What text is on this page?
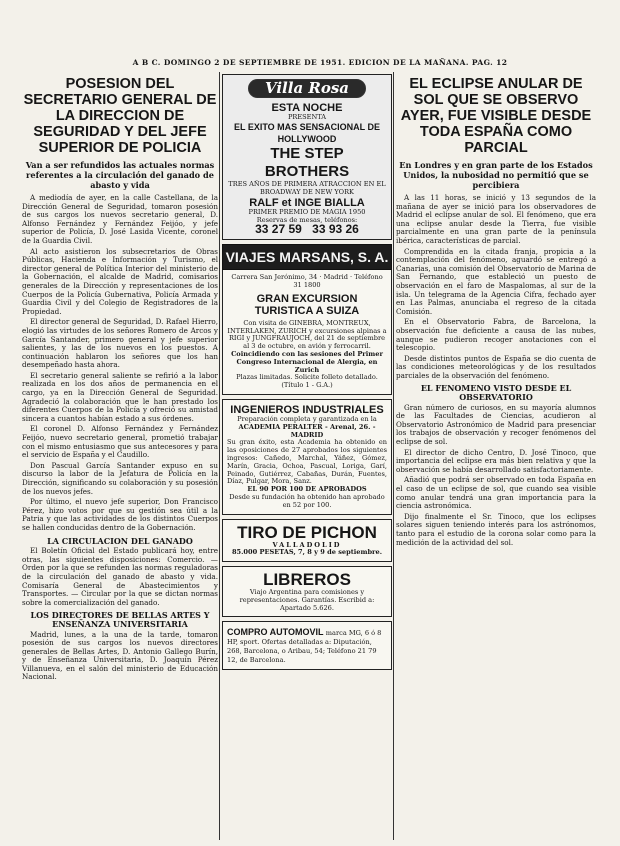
A B C. DOMINGO 2 DE SEPTIEMBRE DE 1951. EDICION DE LA MAÑANA. PAG. 12
POSESION DEL SECRETARIO GENERAL DE LA DIRECCION DE SEGURIDAD Y DEL JEFE SUPERIOR DE POLICIA
Van a ser refundidos las actuales normas referentes a la circulación del ganado de abasto y vida

A mediodía de ayer, en la calle Castellana, de la Dirección General de Seguridad, tomaron posesión de sus cargos los nuevos secretario general, D. Alfonso Fernández y Fernández Feijóo, y jefe superior de Policía, D. José Lasida Vicente, coronel de la Guardia Civil.

Al acto asistieron los subsecretarios de Obras Públicas, Hacienda e Información y Turismo, el director general de Política Interior del ministerio de la Gobernación, el alcalde de Madrid, comisarios generales de la Dirección y representaciones de los Cuerpos de la Policía Gubernativa, Policía Armada y Guardia Civil y del Colegio de Registradores de la Propiedad.

El director general de Seguridad, D. Rafael Hierro, elogió las virtudes de los señores Romero de Arcos y García Santander, primero general y jefe superior salientes, y las de los nuevos en los puestos. A continuación hablaron los señores que los han desempeñado hasta ahora.

El secretario general saliente se refirió a la labor realizada en los dos años de permanencia en el cargo, ya en la Dirección General de Seguridad. Agradeció la colaboración que le han prestado los diferentes Cuerpos de la Policía y ofreció su amistad sincera a cuantos habían estado a sus órdenes.

El coronel D. Alfonso Fernández y Fernández Feijóo, nuevo secretario general, prometió trabajar con el mismo entusiasmo que sus antecesores y para el servicio de España y el Caudillo.

Don Pascual García Santander expuso en su discurso la labor de la Jefatura de Policía en la Dirección, significando su colaboración y su posesión de los nuevos jefes.

Por último, el nuevo jefe superior, Don Francisco Pérez, hizo votos por que su gestión sea útil a la Patria y que las actividades de los distintos Cuerpos se hallen conducidas dentro de la Gobernación.

LA CIRCULACION DEL GANADO

El Boletín Oficial del Estado publicará hoy, entre otras, las siguientes disposiciones: Comercio. — Orden por la que se refunden las normas reguladoras de la circulación del ganado de abasto y vida. Comisaría General de Abastecimientos y Transportes. — Circular por la que se dictan normas sobre la comercialización del ganado.

LOS DIRECTORES DE BELLAS ARTES Y ENSEÑANZA UNIVERSITARIA

Madrid, lunes, a la una de la tarde, tomaron posesión de sus cargos los nuevos directores generales de Bellas Artes, D. Antonio Gallego Burín, y de Enseñanza Universitaria, D. Joaquín Pérez Villanueva, en el salón del ministerio de Educación Nacional.

Villa Rosa
ESTA NOCHE
PRESENTA
EL EXITO MAS SENSACIONAL DE HOLLYWOOD
THE STEP BROTHERS
TRES AÑOS DE PRIMERA ATRACCION EN EL BROADWAY DE NEW YORK
RALF et INGE BIALLA
PRIMER PREMIO DE MAGIA 1950
Reservas de mesas, teléfonos:
33 27 59 33 93 26
VIAJES MARSANS, S. A.
Carrera San Jerónimo, 34 · Madrid · Teléfono 31 1800
GRAN EXCURSION TURISTICA A SUIZA
Con visita de GINEBRA, MONTREUX, INTERLAKEN, ZURICH y excursiones alpinas a RIGI y JUNGFRAUJOCH, del 21 de septiembre al 3 de octubre, en avión y ferrocarril.
Coincidiendo con las sesiones del Primer Congreso Internacional de Alergia, en Zurich
Plazas limitadas. Solicite folleto detallado.
(Título 1 - G.A.)
INGENIEROS INDUSTRIALES
Preparación completa y garantizada en la
ACADEMIA PERALTER - Arenal, 26. - MADRID
Su gran éxito, esta Academia ha obtenido en las oposiciones de 27 aprobados los siguientes ingresos: Cañedo, Marchal, Yáñez, Gómez, Marín, Gracia, Ochoa, Pascual, Loriga, Garí, Peinado, Gutiérrez, Cabañas, Durán, Fuentes, Díaz, Pulgar, Mora, Sanz.
EL 90 POR 100 DE APROBADOS
Desde su fundación ha obtenido han aprobado en 52 por 100.
TIRO DE PICHON
VALLADOLID
85.000 PESETAS, 7, 8 y 9 de septiembre.
LIBREROS
Viajo Argentina para comisiones y representaciones. Garantías. Escribid a: Apartado 5.626.
COMPRO AUTOMOVIL marca MG, 6 ó 8 HP, sport. Ofertas detalladas a: Diputación, 268, Barcelona, o Aribau, 54; Teléfono 21 79 12, de Barcelona.
EL ECLIPSE ANULAR DE SOL QUE SE OBSERVO AYER, FUE VISIBLE DESDE TODA ESPAÑA COMO PARCIAL
En Londres y en gran parte de los Estados Unidos, la nubosidad no permitió que se percibiera

A las 11 horas, se inició y 13 segundos de la mañana de ayer se inició para los observadores de Madrid el eclipse anular de sol. El fenómeno, que era una eclipse anular desde la Tierra, fue visible parcialmente en una gran parte de la península ibérica, características de parcial.

Comprendida en la citada franja, propicia a la contemplación del fenómeno, aguardó se entregó a Canarias, una comisión del Observatorio de Marina de San Fernando, que estableció un puesto de observación en el faro de Maspalomas, al sur de la isla. Un telegrama de la Agencia Cifra, fechado ayer en Las Palmas, anunciaba el regreso de la citada Comisión.

En el Observatorio Fabra, de Barcelona, la observación fue deficiente a causa de las nubes, aunque se pudieron recoger anotaciones con el telescopio.

Desde distintos puntos de España se dio cuenta de las condiciones meteorológicas y de los resultados parciales de la observación del fenómeno.

EL FENOMENO VISTO DESDE EL OBSERVATORIO

Gran número de curiosos, en su mayoría alumnos de las Facultades de Ciencias, acudieron al Observatorio Astronómico de Madrid para presenciar los trabajos de observación y recoger fenómenos del eclipse de sol.

El director de dicho Centro, D. José Tinoco, que importancia del eclipse era más bien relativa y que la observación se había desarrollado satisfactoriamente.

Añadió que podrá ser observado en toda España en el caso de un eclipse de sol, que cuando sea visible como anular tendrá una gran importancia para la ciencia astronómica.

Dijo finalmente el Sr. Tinoco, que los eclipses solares siguen teniendo interés para los astrónomos, tanto para el estudio de la corona solar como para la medición de la actividad del sol.
